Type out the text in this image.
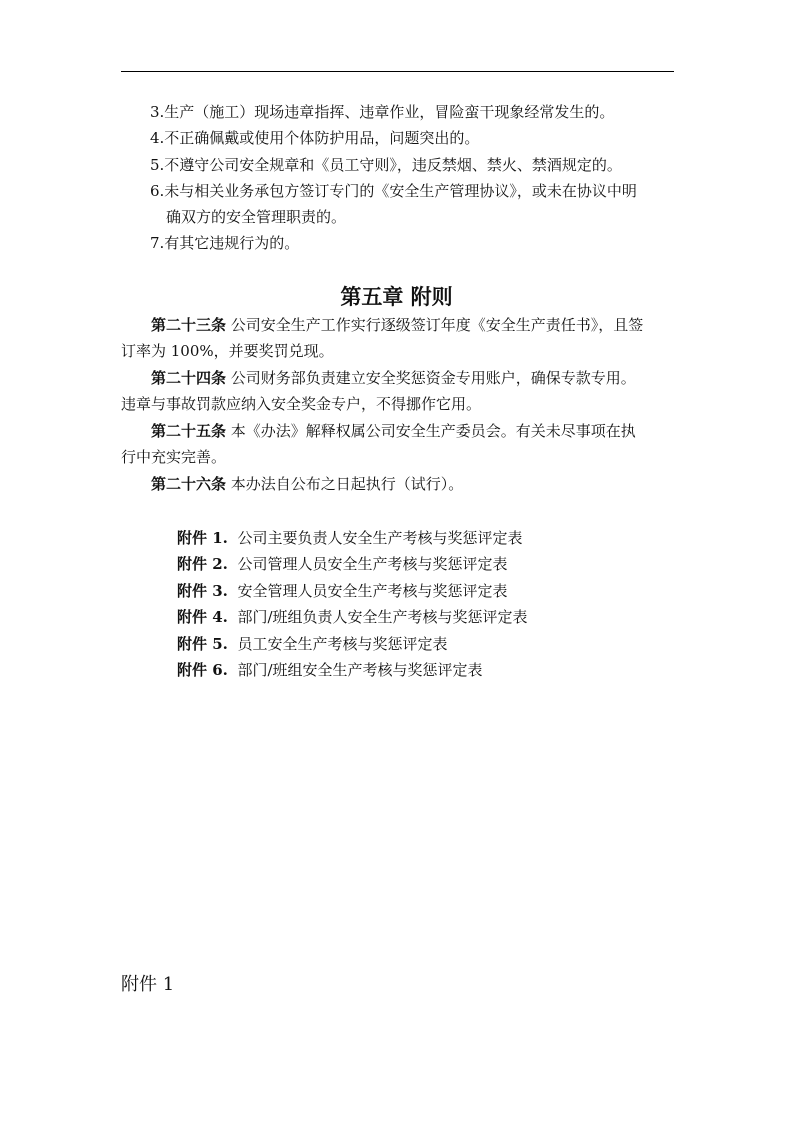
3.生产（施工）现场违章指挥、违章作业，冒险蛮干现象经常发生的。
4.不正确佩戴或使用个体防护用品，问题突出的。
5.不遵守公司安全规章和《员工守则》，违反禁烟、禁火、禁酒规定的。
6.未与相关业务承包方签订专门的《安全生产管理协议》，或未在协议中明
确双方的安全管理职责的。
7.有其它违规行为的。
第五章 附则
第二十三条 公司安全生产工作实行逐级签订年度《安全生产责任书》，且签
订率为 100%，并要奖罚兑现。
第二十四条 公司财务部负责建立安全奖惩资金专用账户，确保专款专用。
违章与事故罚款应纳入安全奖金专户，不得挪作它用。
第二十五条 本《办法》解释权属公司安全生产委员会。有关未尽事项在执
行中充实完善。
第二十六条 本办法自公布之日起执行（试行）。
附件 1. 公司主要负责人安全生产考核与奖惩评定表
附件 2. 公司管理人员安全生产考核与奖惩评定表
附件 3. 安全管理人员安全生产考核与奖惩评定表
附件 4. 部门/班组负责人安全生产考核与奖惩评定表
附件 5. 员工安全生产考核与奖惩评定表
附件 6. 部门/班组安全生产考核与奖惩评定表
附件 1
